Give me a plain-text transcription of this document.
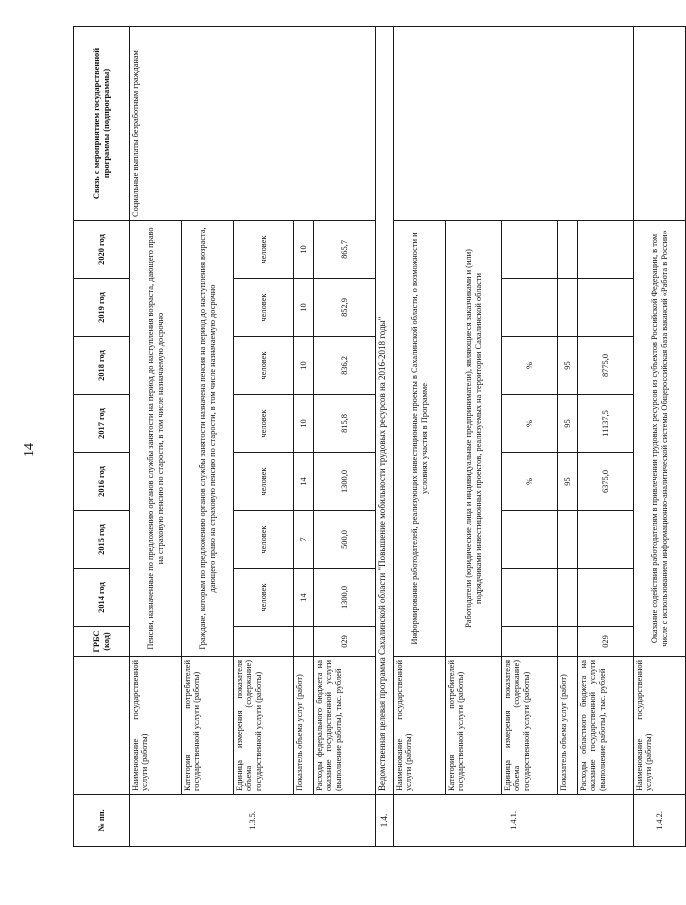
14
№ пп.		ГРБС (код)	2014 год	2015 год	2016 год	2017 год	2018 год	2019 год	2020 год	Связь с мероприятием государственной программы (подпрограммы)
1.3.5.	Наименование государственной услуги (работы)	Пенсии, назначенные по предложению органов службы занятости на период до наступления возраста, дающего право на страховую пенсию по старости, в том числе назначаемую досрочно								Социальные выплаты безработным гражданам
	Категория потребителей государственной услуги (работы)	Граждане, которым по предложению органов службы занятости назначена пенсия на период до наступления возраста, дающего право на страховую пенсию по старости, в том числе назначаемую досрочно								
	Единица измерения показателя объема (содержание) государственной услуги (работы)		человек	человек	человек	человек	человек	человек	человек	
	Показатель объема услуг (работ)		14	7	14	10	10	10	10	
	Расходы федерального бюджета на оказание государственной услуги (выполнение работы), тыс. рублей	029	1300,0	500,0	1300,0	815,8	836,2	852,9	865,7	
1.4.	Ведомственная целевая программа Сахалинской области "Повышение мобильности трудовых ресурсов на 2016-2018 годы"									
1.4.1.	Наименование государственной услуги (работы)	Информирование работодателей, реализующих инвестиционные проекты в Сахалинской области, о возможности и условиях участия в Программе								
	Категория потребителей государственной услуги (работы)	Работодатели (юридические лица и индивидуальные предприниматели), являющиеся заказчиками и (или) подрядчиками инвестиционных проектов, реализуемых на территории Сахалинской области								
	Единица измерения показателя объема (содержание) государственной услуги (работы)				%	%	%			
	Показатель объема услуг (работ)				95	95	95			
	Расходы областного бюджета на оказание государственной услуги (выполнение работы), тыс. рублей	029			6375,0	11137,5	8775,0			
1.4.2.	Наименование государственной услуги (работы)	Оказание содействия работодателям в привлечении трудовых ресурсов из субъектов Российской Федерации, в том числе с использованием информационно-аналитической системы Общероссийская база вакансий «Работа в России»								
